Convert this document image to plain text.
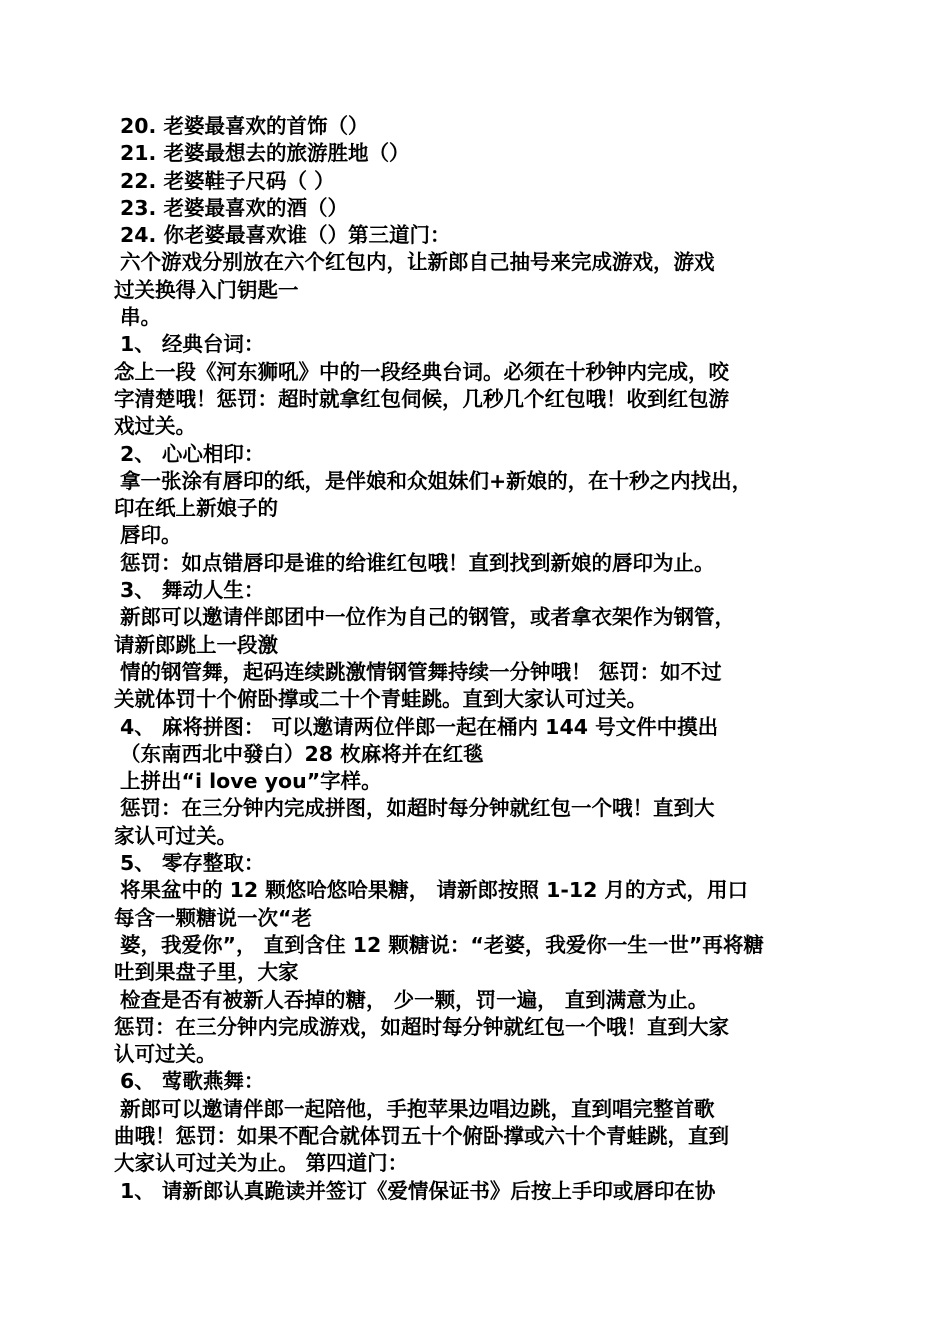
20. 老婆最喜欢的首饰（）
21. 老婆最想去的旅游胜地（）
22. 老婆鞋子尺码（ ）
23. 老婆最喜欢的酒（）
24. 你老婆最喜欢谁（）第三道门：
六个游戏分别放在六个红包内，让新郎自己抽号来完成游戏，游戏
过关换得入门钥匙一
串。
1、 经典台词：
念上一段《河东狮吼》中的一段经典台词。必须在十秒钟内完成，咬
字清楚哦！惩罚：超时就拿红包伺候，几秒几个红包哦！收到红包游
戏过关。
2、 心心相印：
拿一张涂有唇印的纸，是伴娘和众姐妹们+新娘的，在十秒之内找出，
印在纸上新娘子的
唇印。
惩罚：如点错唇印是谁的给谁红包哦！直到找到新娘的唇印为止。
3、 舞动人生：
新郎可以邀请伴郎团中一位作为自己的钢管，或者拿衣架作为钢管，
请新郎跳上一段激
情的钢管舞，起码连续跳激情钢管舞持续一分钟哦！ 惩罚：如不过
关就体罚十个俯卧撑或二十个青蛙跳。直到大家认可过关。
4、 麻将拼图： 可以邀请两位伴郎一起在桶内 144 号文件中摸出
（东南西北中發白）28 枚麻将并在红毯
上拼出“i love you”字样。
惩罚：在三分钟内完成拼图，如超时每分钟就红包一个哦！直到大
家认可过关。
5、 零存整取：
将果盆中的 12 颗悠哈悠哈果糖， 请新郎按照 1-12 月的方式，用口
每含一颗糖说一次“老
婆，我爱你”， 直到含住 12 颗糖说：“老婆，我爱你一生一世”再将糖
吐到果盘子里，大家
检查是否有被新人吞掉的糖， 少一颗，罚一遍， 直到满意为止。
惩罚：在三分钟内完成游戏，如超时每分钟就红包一个哦！直到大家
认可过关。
6、 莺歌燕舞：
新郎可以邀请伴郎一起陪他，手抱苹果边唱边跳，直到唱完整首歌
曲哦！惩罚：如果不配合就体罚五十个俯卧撑或六十个青蛙跳，直到
大家认可过关为止。 第四道门：
1、 请新郎认真跪读并签订《爱情保证书》后按上手印或唇印在协
